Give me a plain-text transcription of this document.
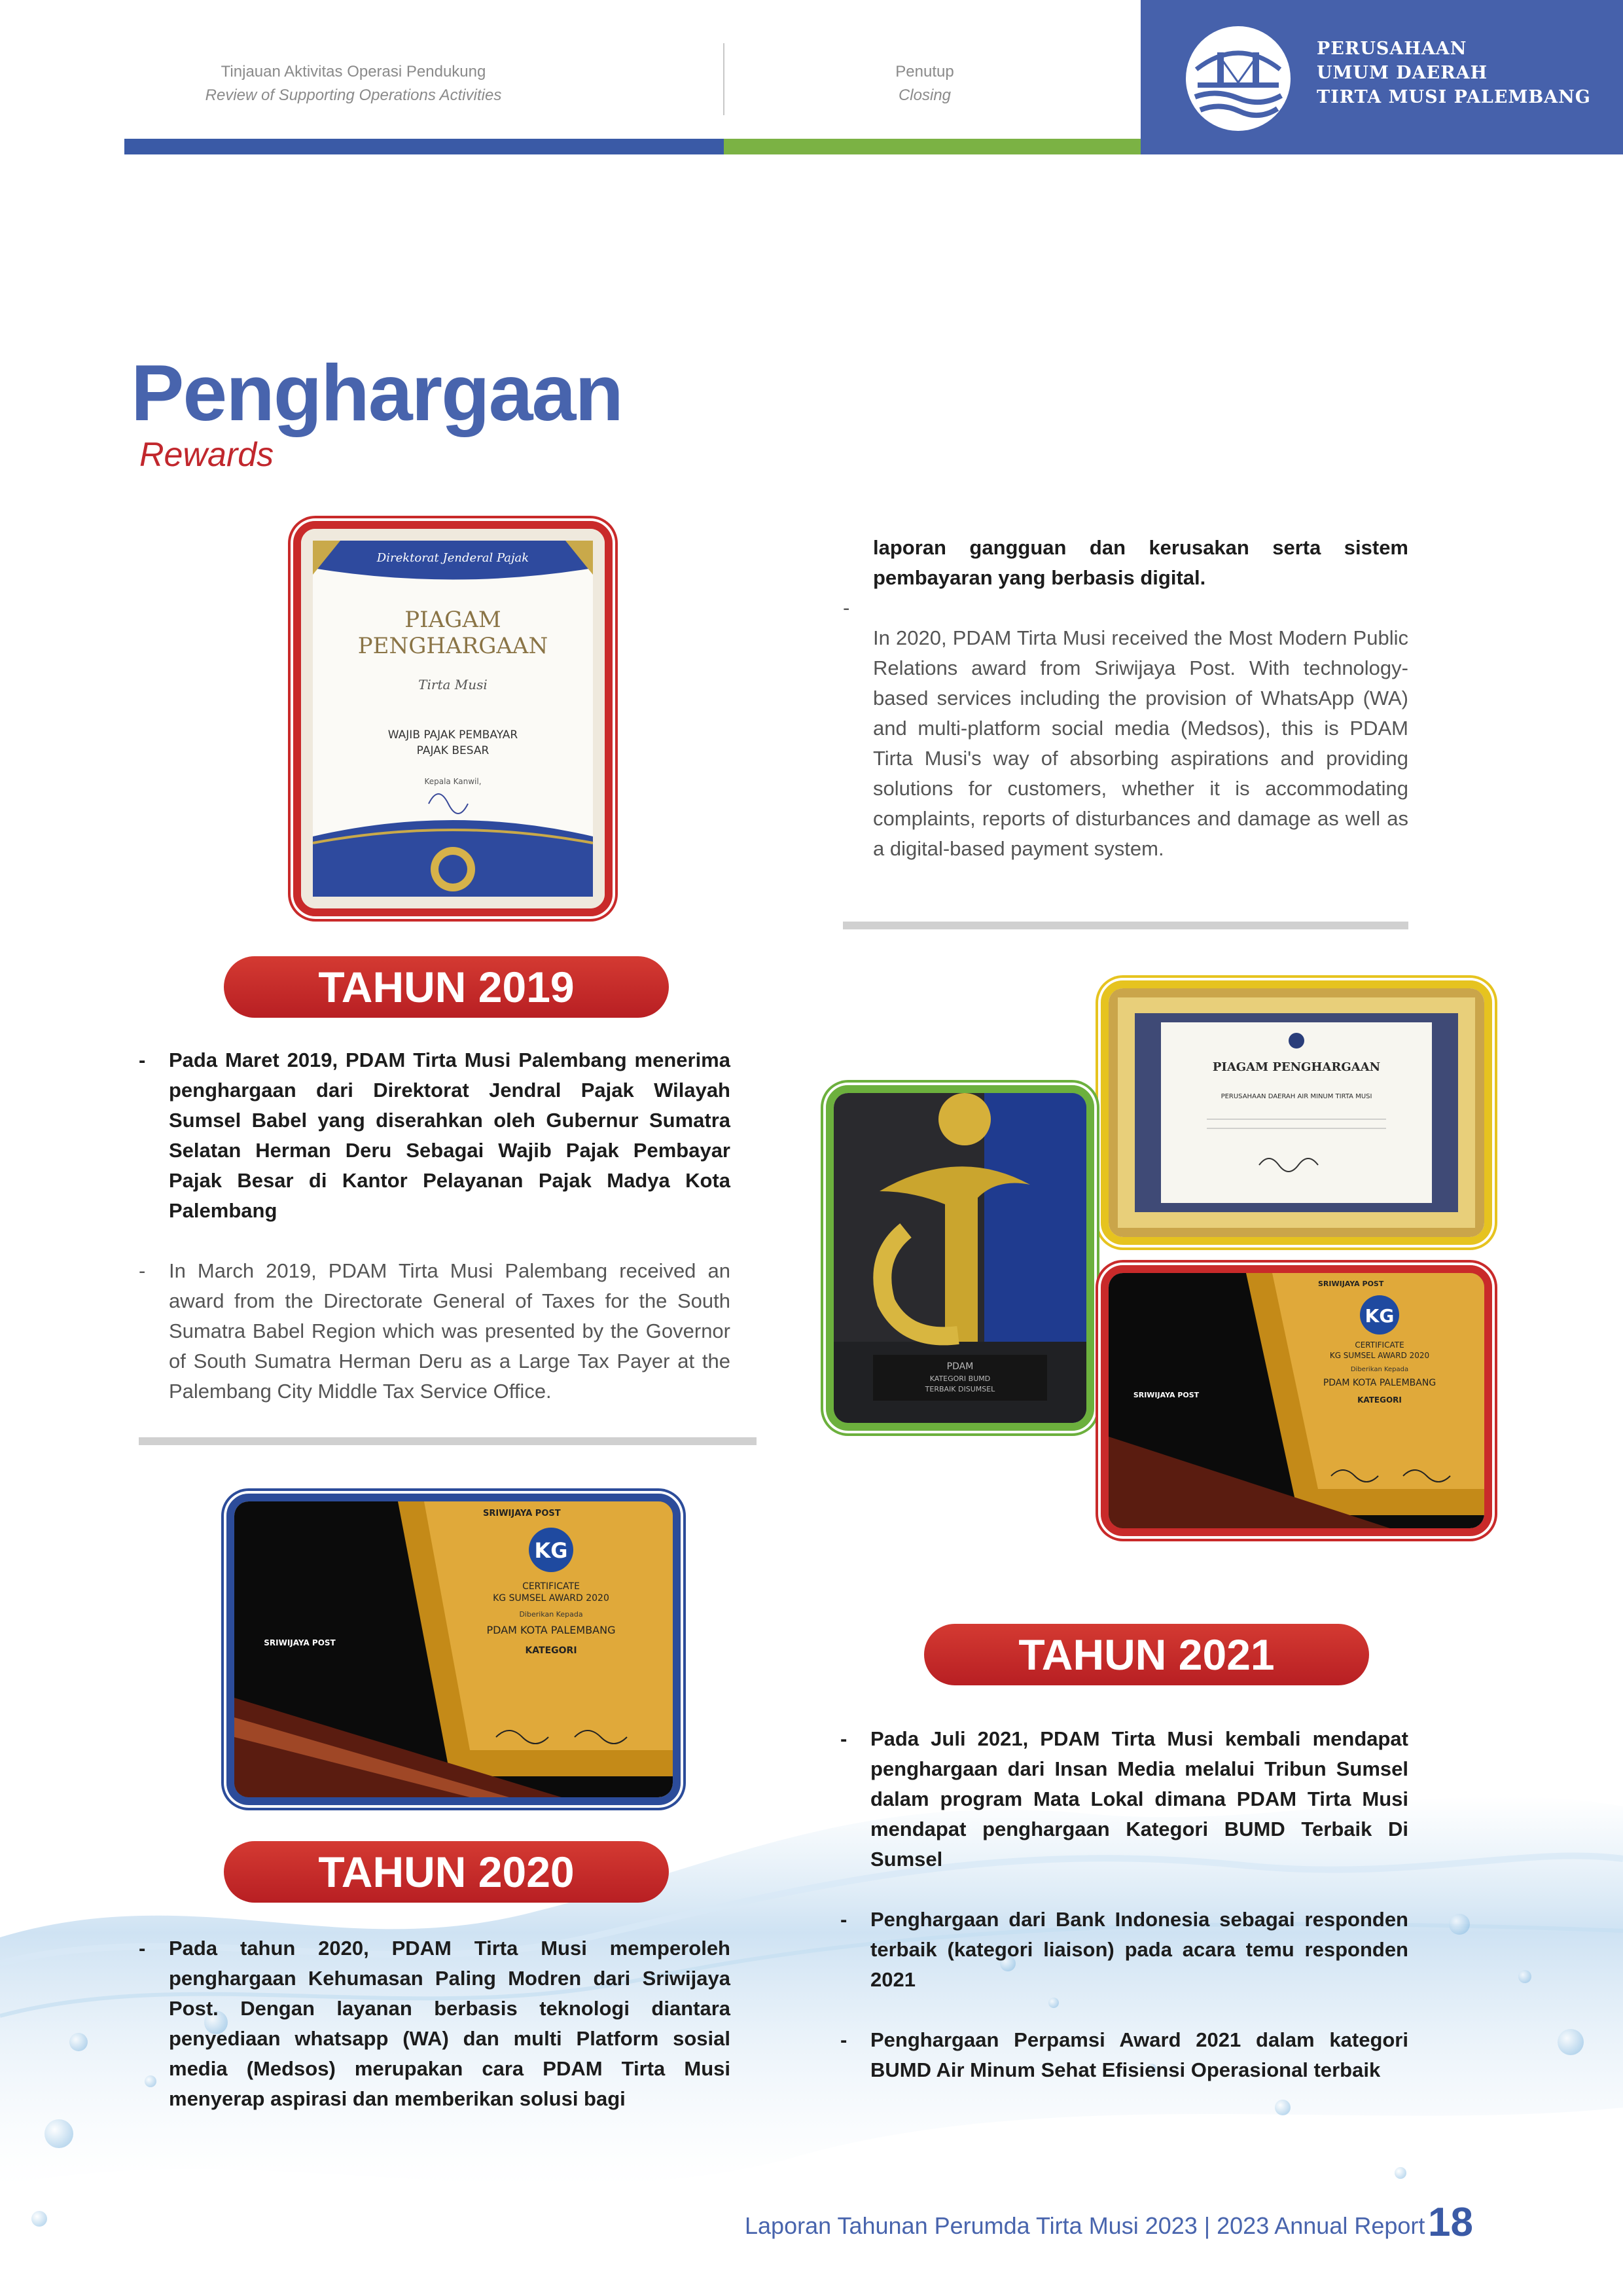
Tinjauan Aktivitas Operasi Pendukung
Review of Supporting Operations Activities
Penutup
Closing
PERUSAHAAN
UMUM DAERAH
TIRTA MUSI PALEMBANG
Penghargaan
Rewards
Direktorat Jenderal Pajak
PIAGAM
PENGHARGAAN
Tirta Musi
WAJIB PAJAK PEMBAYAR
PAJAK BESAR
Kepala Kanwil,
TAHUN 2019
- Pada Maret 2019, PDAM Tirta Musi Palembang menerima penghargaan dari Direktorat Jendral Pajak Wilayah Sumsel Babel yang diserahkan oleh Gubernur Sumatra Selatan Herman Deru Sebagai Wajib Pajak Pembayar Pajak Besar di Kantor Pelayanan Pajak Madya Kota Palembang
- In March 2019, PDAM Tirta Musi Palembang received an award from the Directorate General of Taxes for the South Sumatra Babel Region which was presented by the Governor of South Sumatra Herman Deru as a Large Tax Payer at the Palembang City Middle Tax Service Office.
KG
SRIWIJAYA POST
CERTIFICATE
KG SUMSEL AWARD 2020
Diberikan Kepada
PDAM KOTA PALEMBANG
KATEGORI
SRIWIJAYA POST
TAHUN 2020
- Pada tahun 2020, PDAM Tirta Musi memperoleh penghargaan Kehumasan Paling Modren dari Sriwijaya Post. Dengan layanan berbasis teknologi diantara penyediaan whatsapp (WA) dan multi Platform sosial media (Medsos) merupakan cara PDAM Tirta Musi menyerap aspirasi dan memberikan solusi bagi
laporan gangguan dan kerusakan serta sistem pembayaran yang berbasis digital.
-
In 2020, PDAM Tirta Musi received the Most Modern Public Relations award from Sriwijaya Post. With technology-based services including the provision of WhatsApp (WA) and multi-platform social media (Medsos), this is PDAM Tirta Musi's way of absorbing aspirations and providing solutions for customers, whether it is accommodating complaints, reports of disturbances and damage as well as a digital-based payment system.
PIAGAM PENGHARGAAN
PERUSAHAAN DAERAH AIR MINUM TIRTA MUSI
PDAM
KATEGORI BUMD
TERBAIK DISUMSEL
KG
SRIWIJAYA POST
CERTIFICATE
KG SUMSEL AWARD 2020
Diberikan Kepada
PDAM KOTA PALEMBANG
KATEGORI
SRIWIJAYA POST
TAHUN 2021
- Pada Juli 2021, PDAM Tirta Musi kembali mendapat penghargaan dari Insan Media melalui Tribun Sumsel dalam program Mata Lokal dimana PDAM Tirta Musi mendapat penghargaan Kategori BUMD Terbaik Di Sumsel
- Penghargaan dari Bank Indonesia sebagai responden terbaik (kategori liaison) pada acara temu responden 2021
- Penghargaan Perpamsi Award 2021 dalam kategori BUMD Air Minum Sehat Efisiensi Operasional terbaik
Laporan Tahunan Perumda Tirta Musi 2023 | 2023 Annual Report 18
